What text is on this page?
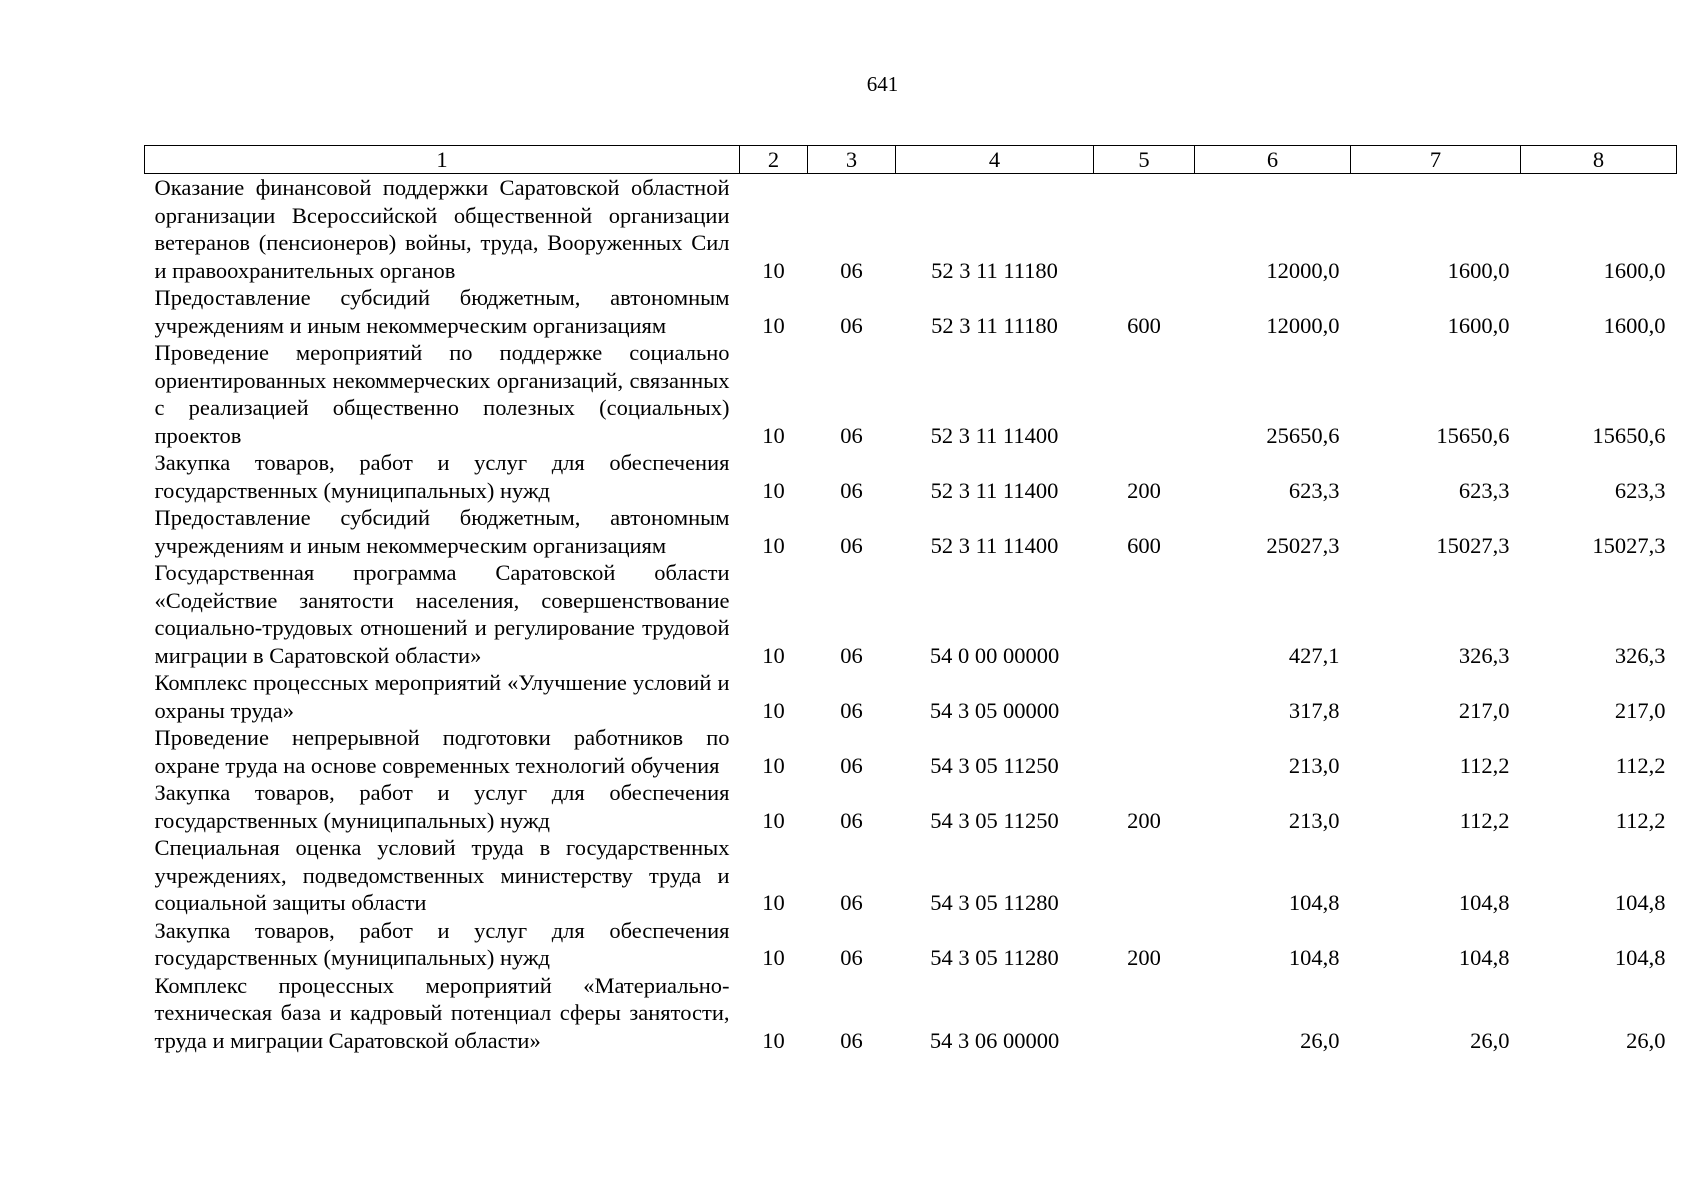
641
1	2	3	4	5	6	7	8
Оказание финансовой поддержки Саратовской областной организации Всероссийской общественной организации ветеранов (пенсионеров) войны, труда, Вооруженных Сил и правоохранительных органов	10	06	52 3 11 11180		12000,0	1600,0	1600,0
Предоставление субсидий бюджетным, автономным учреждениям и иным некоммерческим организациям	10	06	52 3 11 11180	600	12000,0	1600,0	1600,0
Проведение мероприятий по поддержке социально ориентированных некоммерческих организаций, связанных с реализацией общественно полезных (социальных) проектов	10	06	52 3 11 11400		25650,6	15650,6	15650,6
Закупка товаров, работ и услуг для обеспечения государственных (муниципальных) нужд	10	06	52 3 11 11400	200	623,3	623,3	623,3
Предоставление субсидий бюджетным, автономным учреждениям и иным некоммерческим организациям	10	06	52 3 11 11400	600	25027,3	15027,3	15027,3
Государственная программа Саратовской области «Содействие занятости населения, совершенствование социально-трудовых отношений и регулирование трудовой миграции в Саратовской области»	10	06	54 0 00 00000		427,1	326,3	326,3
Комплекс процессных мероприятий «Улучшение условий и охраны труда»	10	06	54 3 05 00000		317,8	217,0	217,0
Проведение непрерывной подготовки работников по охране труда на основе современных технологий обучения	10	06	54 3 05 11250		213,0	112,2	112,2
Закупка товаров, работ и услуг для обеспечения государственных (муниципальных) нужд	10	06	54 3 05 11250	200	213,0	112,2	112,2
Специальная оценка условий труда в государственных учреждениях, подведомственных министерству труда и социальной защиты области	10	06	54 3 05 11280		104,8	104,8	104,8
Закупка товаров, работ и услуг для обеспечения государственных (муниципальных) нужд	10	06	54 3 05 11280	200	104,8	104,8	104,8
Комплекс процессных мероприятий «Материально-техническая база и кадровый потенциал сферы занятости, труда и миграции Саратовской области»	10	06	54 3 06 00000		26,0	26,0	26,0
